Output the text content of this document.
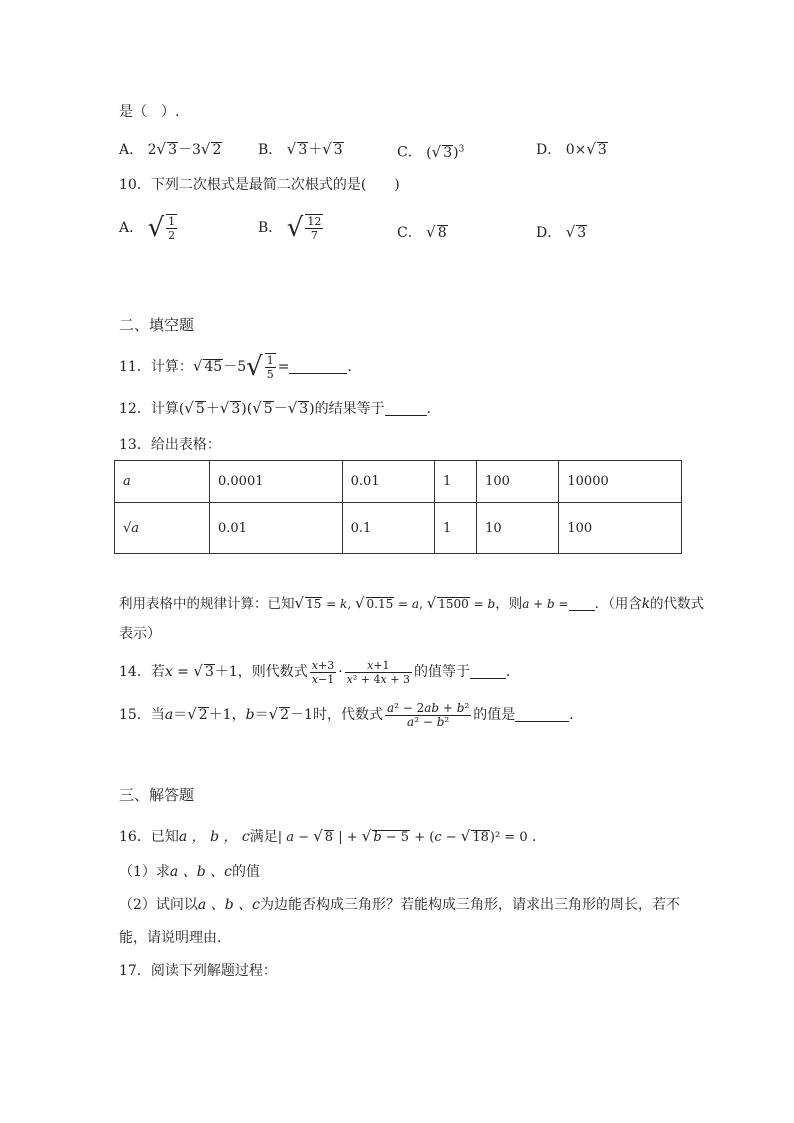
是（　）.
A． 2√ 3－3√ 2	B． √ 3＋√ 3	C． (√ 3)$^3$	D． 0×√ 3
10．下列二次根式是最简二次根式的是(　　)
A． √ $\frac{1}{2}$	B． √ $\frac{12}{7}$	C． √ 8	D． √ 3
二、填空题
11．计算：√ $45-5√ \frac{1}{5}$ =	．
12．计算(√ 5＋√ 3)(√ 5－√ 3)的结果等于	．
13．给出表格：
a	0.0001	0.01	1	100	10000
√a	0.01	0.1	1	10	100
利用表格中的规律计算：已知√ 15 = k, √ 0.15 = a, √ 1500 = b，则a + b = ．（用含k的代数式
表示）
14．若x = √ 3＋1，则代数式 $\frac{x+3}{x-1} \cdot \frac{x+1}{\text{x² + 4x + 3}}$ 的值等于	．
15．当a＝√ 2＋1，b＝√ 2－1时，代数式 $\frac{\text{a² − 2ab + b²}}{\text{a² − b²}}$ 的值是	．
三、解答题
16．已知a ， b ， c满足| a − √ 8 | + √ b − 5 + (c − √ 18)² = 0 ．
（1）求a 、b 、c的值
（2）试问以a 、b 、c为边能否构成三角形？若能构成三角形，请求出三角形的周长，若不
能，请说明理由．
17．阅读下列解题过程：
